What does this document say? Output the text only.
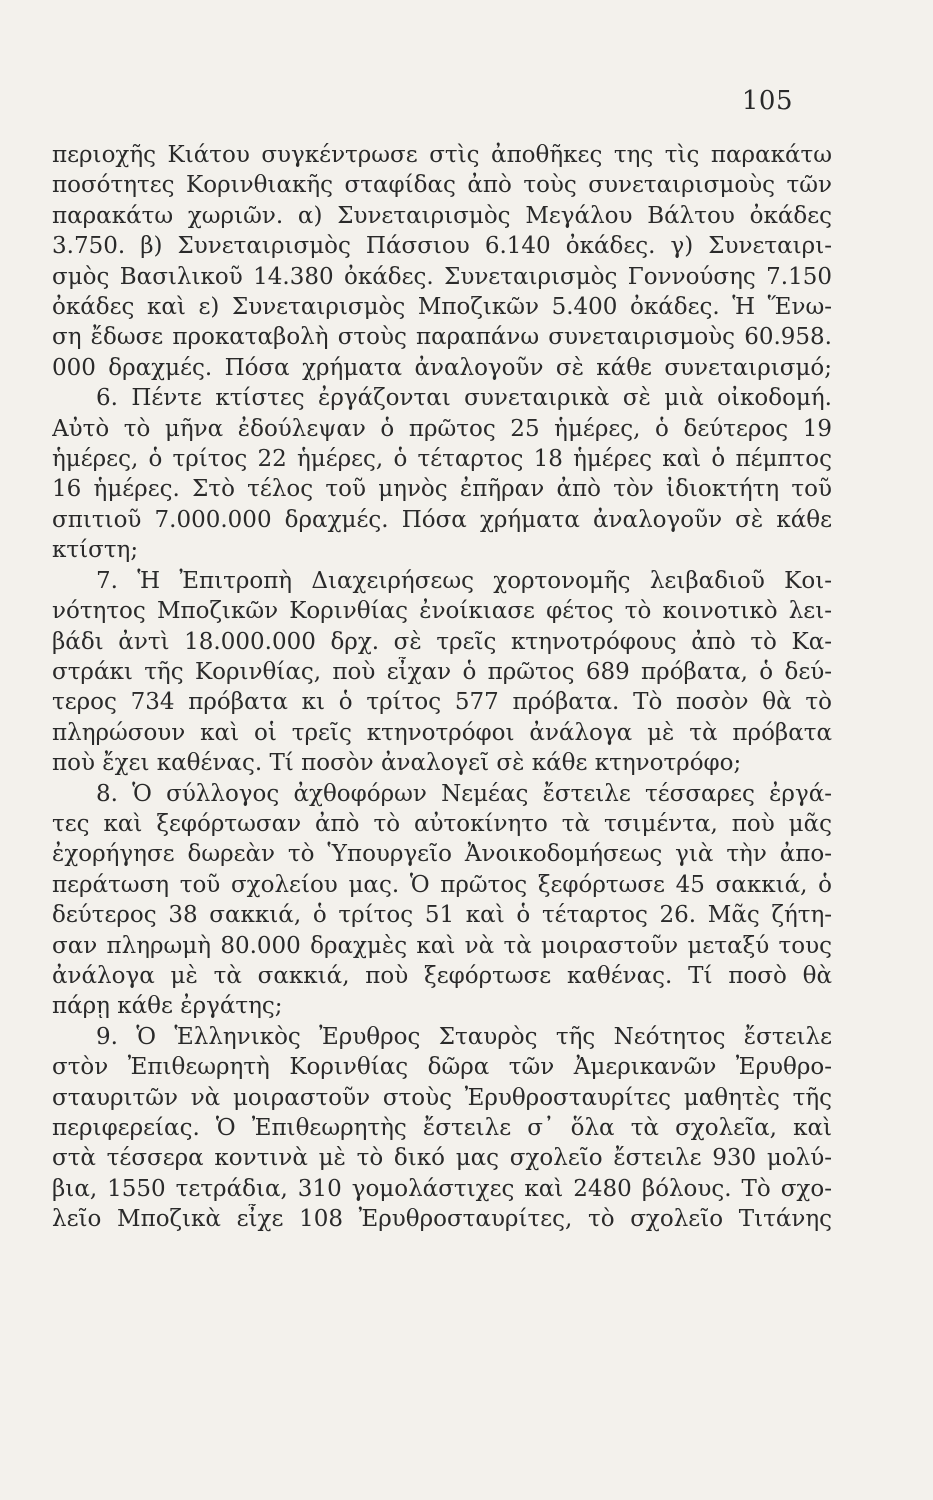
105
περιοχῆς Κιάτου συγκέντρωσε στὶς ἀποθῆκες της τὶς παρακάτω
ποσότητες Κορινθιακῆς σταφίδας ἀπὸ τοὺς συνεταιρισμοὺς τῶν
παρακάτω χωριῶν. α) Συνεταιρισμὸς Μεγάλου Βάλτου ὀκάδες
3.750. β) Συνεταιρισμὸς Πάσσιου 6.140 ὀκάδες. γ) Συνεταιρι-
σμὸς Βασιλικοῦ 14.380 ὀκάδες. Συνεταιρισμὸς Γοννούσης 7.150
ὀκάδες καὶ ε) Συνεταιρισμὸς Μποζικῶν 5.400 ὀκάδες. Ἡ Ἕνω-
ση ἔδωσε προκαταβολὴ στοὺς παραπάνω συνεταιρισμοὺς 60.958.
000 δραχμές. Πόσα χρήματα ἀναλογοῦν σὲ κάθε συνεταιρισμό;
6. Πέντε κτίστες ἐργάζονται συνεταιρικὰ σὲ μιὰ οἰκοδομή.
Αὐτὸ τὸ μῆνα ἐδούλεψαν ὁ πρῶτος 25 ἡμέρες, ὁ δεύτερος 19
ἡμέρες, ὁ τρίτος 22 ἡμέρες, ὁ τέταρτος 18 ἡμέρες καὶ ὁ πέμπτος
16 ἡμέρες. Στὸ τέλος τοῦ μηνὸς ἐπῆραν ἀπὸ τὸν ἰδιοκτήτη τοῦ
σπιτιοῦ 7.000.000 δραχμές. Πόσα χρήματα ἀναλογοῦν σὲ κάθε
κτίστη;
7. Ἡ Ἐπιτροπὴ Διαχειρήσεως χορτονομῆς λειβαδιοῦ Κοι-
νότητος Μποζικῶν Κορινθίας ἐνοίκιασε φέτος τὸ κοινοτικὸ λει-
βάδι ἀντὶ 18.000.000 δρχ. σὲ τρεῖς κτηνοτρόφους ἀπὸ τὸ Κα-
στράκι τῆς Κορινθίας, ποὺ εἶχαν ὁ πρῶτος 689 πρόβατα, ὁ δεύ-
τερος 734 πρόβατα κι ὁ τρίτος 577 πρόβατα. Τὸ ποσὸν θὰ τὸ
πληρώσουν καὶ οἱ τρεῖς κτηνοτρόφοι ἀνάλογα μὲ τὰ πρόβατα
ποὺ ἔχει καθένας. Τί ποσὸν ἀναλογεῖ σὲ κάθε κτηνοτρόφο;
8. Ὁ σύλλογος ἀχθοφόρων Νεμέας ἔστειλε τέσσαρες ἐργά-
τες καὶ ξεφόρτωσαν ἀπὸ τὸ αὐτοκίνητο τὰ τσιμέντα, ποὺ μᾶς
ἐχορήγησε δωρεὰν τὸ Ὑπουργεῖο Ἀνοικοδομήσεως γιὰ τὴν ἀπο-
περάτωση τοῦ σχολείου μας. Ὁ πρῶτος ξεφόρτωσε 45 σακκιά, ὁ
δεύτερος 38 σακκιά, ὁ τρίτος 51 καὶ ὁ τέταρτος 26. Μᾶς ζήτη-
σαν πληρωμὴ 80.000 δραχμὲς καὶ νὰ τὰ μοιραστοῦν μεταξύ τους
ἀνάλογα μὲ τὰ σακκιά, ποὺ ξεφόρτωσε καθένας. Τί ποσὸ θὰ
πάρῃ κάθε ἐργάτης;
9. Ὁ Ἑλληνικὸς Ἐρυθρος Σταυρὸς τῆς Νεότητος ἔστειλε
στὸν Ἐπιθεωρητὴ Κορινθίας δῶρα τῶν Ἀμερικανῶν Ἐρυθρο-
σταυριτῶν νὰ μοιραστοῦν στοὺς Ἐρυθροσταυρίτες μαθητὲς τῆς
περιφερείας. Ὁ Ἐπιθεωρητὴς ἔστειλε σ᾽ ὅλα τὰ σχολεῖα, καὶ
στὰ τέσσερα κοντινὰ μὲ τὸ δικό μας σχολεῖο ἔστειλε 930 μολύ-
βια, 1550 τετράδια, 310 γομολάστιχες καὶ 2480 βόλους. Τὸ σχο-
λεῖο Μποζικὰ εἶχε 108 Ἐρυθροσταυρίτες, τὸ σχολεῖο Τιτάνης
